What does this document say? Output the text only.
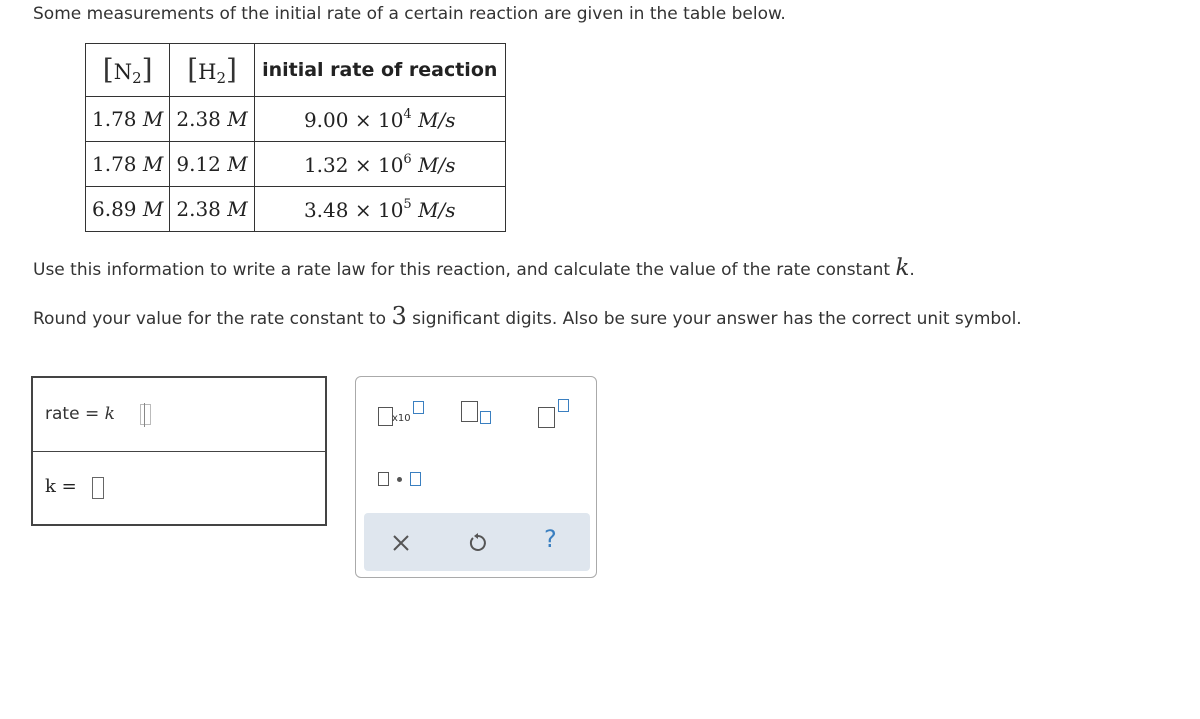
Some measurements of the initial rate of a certain reaction are given in the table below.
$[N_2]$	$[H_2]$	initial rate of reaction
1.78 M	2.38 M	$9.00 \times 10^4$ M/s
1.78 M	9.12 M	$1.32 \times 10^6$ M/s
6.89 M	2.38 M	$3.48 \times 10^5$ M/s
Use this information to write a rate law for this reaction, and calculate the value of the rate constant k.
Round your value for the rate constant to 3 significant digits. Also be sure your answer has the correct unit symbol.
rate = k
k =
x10
?
